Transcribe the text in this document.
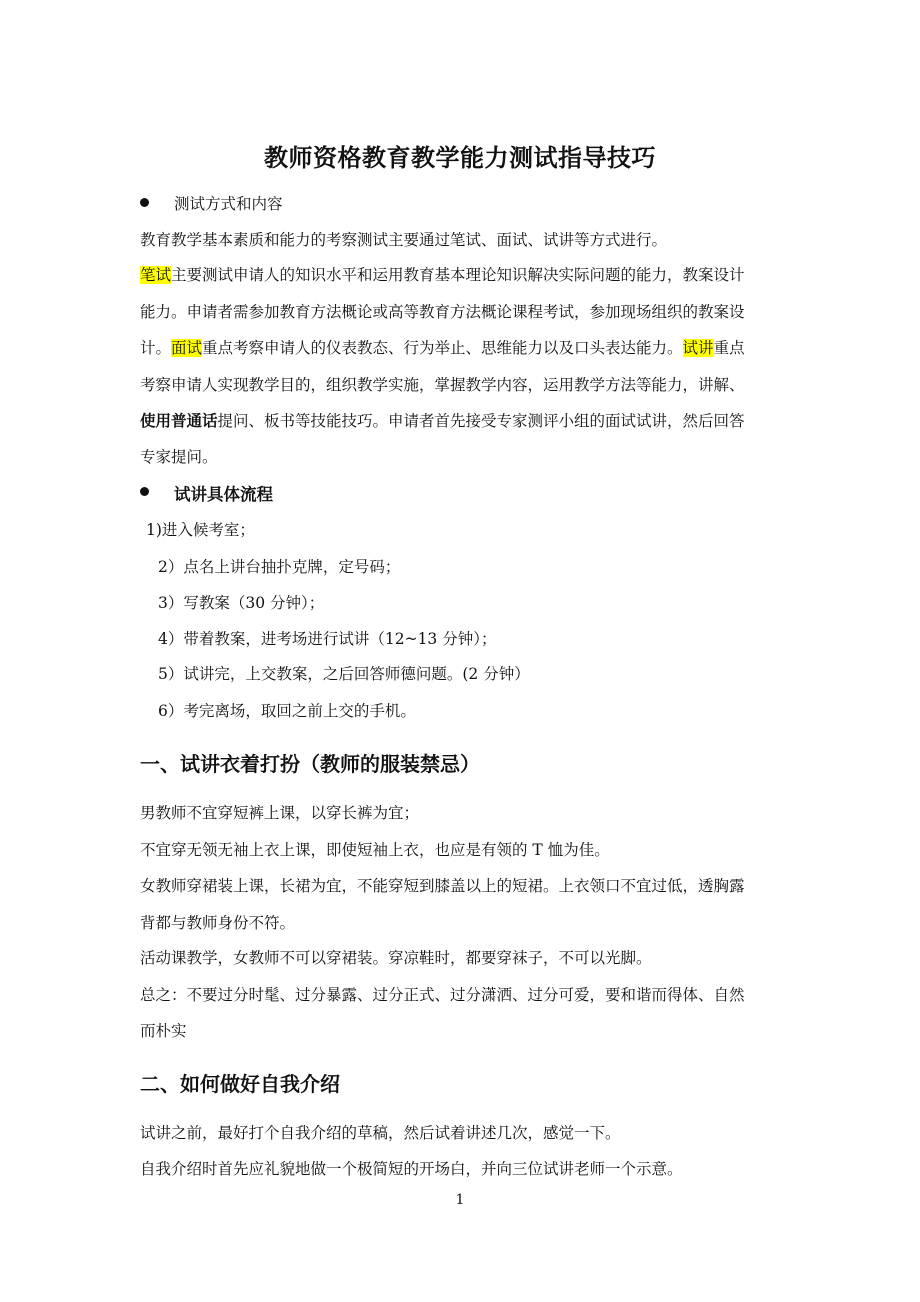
教师资格教育教学能力测试指导技巧
测试方式和内容

教育教学基本素质和能力的考察测试主要通过笔试、面试、试讲等方式进行。

笔试主要测试申请人的知识水平和运用教育基本理论知识解决实际问题的能力，教案设计

能力。申请者需参加教育方法概论或高等教育方法概论课程考试，参加现场组织的教案设

计。面试重点考察申请人的仪表教态、行为举止、思维能力以及口头表达能力。试讲重点

考察申请人实现教学目的，组织教学实施，掌握教学内容，运用教学方法等能力，讲解、

使用普通话提问、板书等技能技巧。申请者首先接受专家测评小组的面试试讲，然后回答

专家提问。

试讲具体流程

1)进入候考室；

2）点名上讲台抽扑克牌，定号码；

3）写教案（30 分钟）；

4）带着教案，进考场进行试讲（12~13 分钟）；

5）试讲完，上交教案，之后回答师德问题。(2 分钟）

6）考完离场，取回之前上交的手机。

一、试讲衣着打扮（教师的服装禁忌）

男教师不宜穿短裤上课，以穿长裤为宜；

不宜穿无领无袖上衣上课，即使短袖上衣，也应是有领的 T 恤为佳。

女教师穿裙装上课，长裙为宜，不能穿短到膝盖以上的短裙。上衣领口不宜过低，透胸露

背都与教师身份不符。

活动课教学，女教师不可以穿裙装。穿凉鞋时，都要穿袜子，不可以光脚。

总之：不要过分时髦、过分暴露、过分正式、过分潇洒、过分可爱，要和谐而得体、自然

而朴实

二、如何做好自我介绍

试讲之前，最好打个自我介绍的草稿，然后试着讲述几次，感觉一下。

自我介绍时首先应礼貌地做一个极简短的开场白，并向三位试讲老师一个示意。

1
